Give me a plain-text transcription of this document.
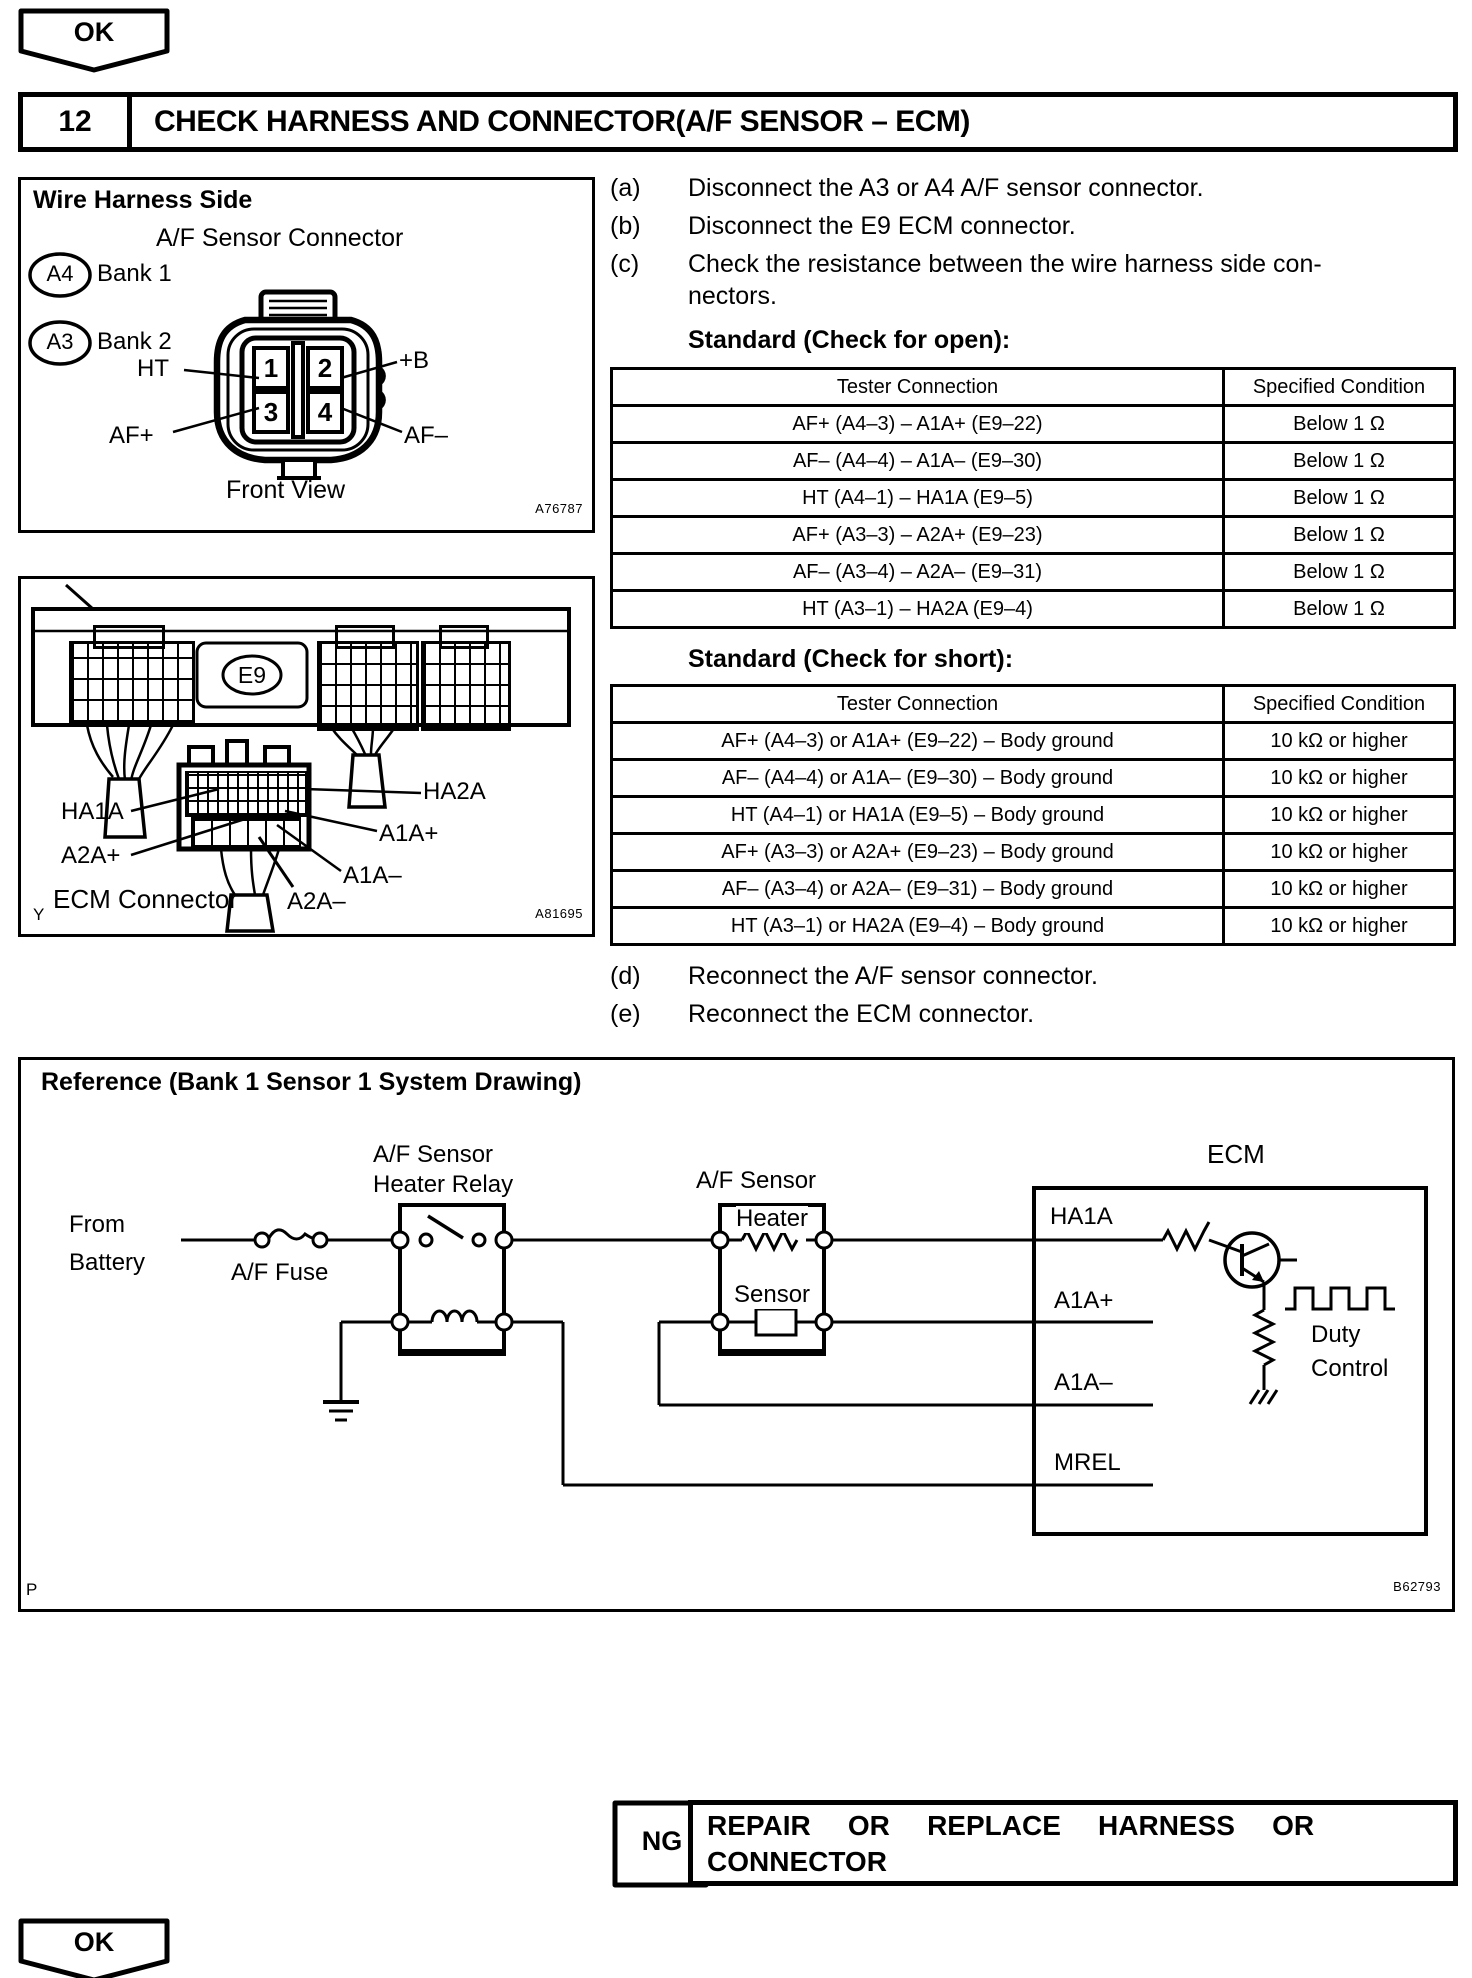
OK
12	CHECK HARNESS AND CONNECTOR(A/F SENSOR – ECM)
Wire Harness Side
A/F Sensor Connector
A4 Bank 1
A3 Bank 2
HT	+B
AF+	AF–
1	2
3	4
Front View
A76787
E9
HA1A
HA2A
A1A+
A1A–
A2A+
A2A–
ECM Connector
Y	A81695
(a)	Disconnect the A3 or A4 A/F sensor connector.
(b)	Disconnect the E9 ECM connector.
(c)	Check the resistance between the wire harness side con-
nectors.
Standard (Check for open):
Tester Connection	Specified Condition
AF+ (A4–3) – A1A+ (E9–22)	Below 1 Ω
AF– (A4–4) – A1A– (E9–30)	Below 1 Ω
HT (A4–1) – HA1A (E9–5)	Below 1 Ω
AF+ (A3–3) – A2A+ (E9–23)	Below 1 Ω
AF– (A3–4) – A2A– (E9–31)	Below 1 Ω
HT (A3–1) – HA2A (E9–4)	Below 1 Ω
Standard (Check for short):
Tester Connection	Specified Condition
AF+ (A4–3) or A1A+ (E9–22) – Body ground	10 kΩ or higher
AF– (A4–4) or A1A– (E9–30) – Body ground	10 kΩ or higher
HT (A4–1) or HA1A (E9–5) – Body ground	10 kΩ or higher
AF+ (A3–3) or A2A+ (E9–23) – Body ground	10 kΩ or higher
AF– (A3–4) or A2A– (E9–31) – Body ground	10 kΩ or higher
HT (A3–1) or HA2A (E9–4) – Body ground	10 kΩ or higher
(d)	Reconnect the A/F sensor connector.
(e)	Reconnect the ECM connector.
Reference (Bank 1 Sensor 1 System Drawing)
From
Battery	A/F Fuse
A/F Sensor
Heater Relay	A/F Sensor
Heater
Sensor
ECM
HA1A
A1A+
A1A–
MREL
Duty
Control
P	B62793
NG REPAIR OR REPLACE HARNESS OR
CONNECTOR
OK
